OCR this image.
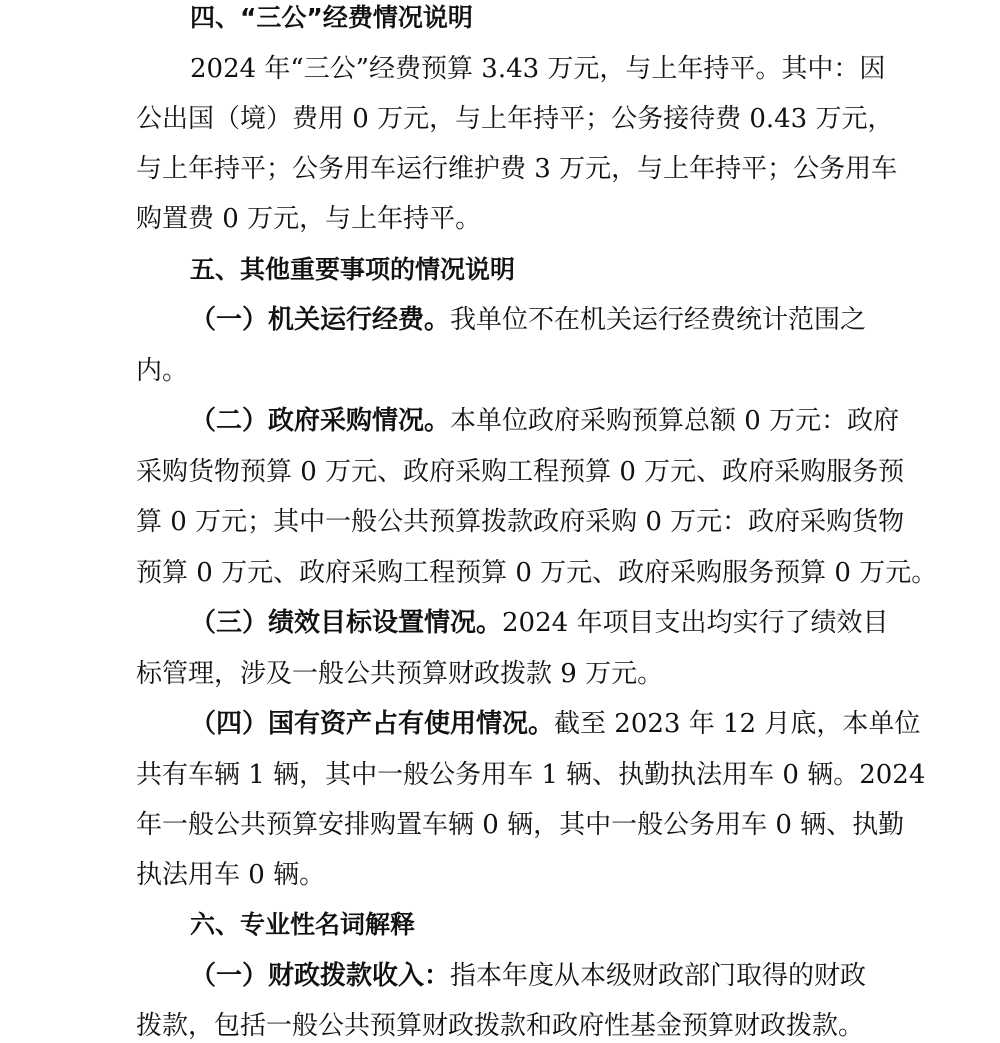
四、“三公”经费情况说明
2024 年“三公”经费预算 3.43 万元，与上年持平。其中：因
公出国（境）费用 0 万元，与上年持平；公务接待费 0.43 万元，
与上年持平；公务用车运行维护费 3 万元，与上年持平；公务用车
购置费 0 万元，与上年持平。
五、其他重要事项的情况说明
（一）机关运行经费。我单位不在机关运行经费统计范围之
内。
（二）政府采购情况。本单位政府采购预算总额 0 万元：政府
采购货物预算 0 万元、政府采购工程预算 0 万元、政府采购服务预
算 0 万元；其中一般公共预算拨款政府采购 0 万元：政府采购货物
预算 0 万元、政府采购工程预算 0 万元、政府采购服务预算 0 万元。
（三）绩效目标设置情况。2024 年项目支出均实行了绩效目
标管理，涉及一般公共预算财政拨款 9 万元。
（四）国有资产占有使用情况。截至 2023 年 12 月底，本单位
共有车辆 1 辆，其中一般公务用车 1 辆、执勤执法用车 0 辆。2024
年一般公共预算安排购置车辆 0 辆，其中一般公务用车 0 辆、执勤
执法用车 0 辆。
六、专业性名词解释
（一）财政拨款收入：指本年度从本级财政部门取得的财政
拨款，包括一般公共预算财政拨款和政府性基金预算财政拨款。
